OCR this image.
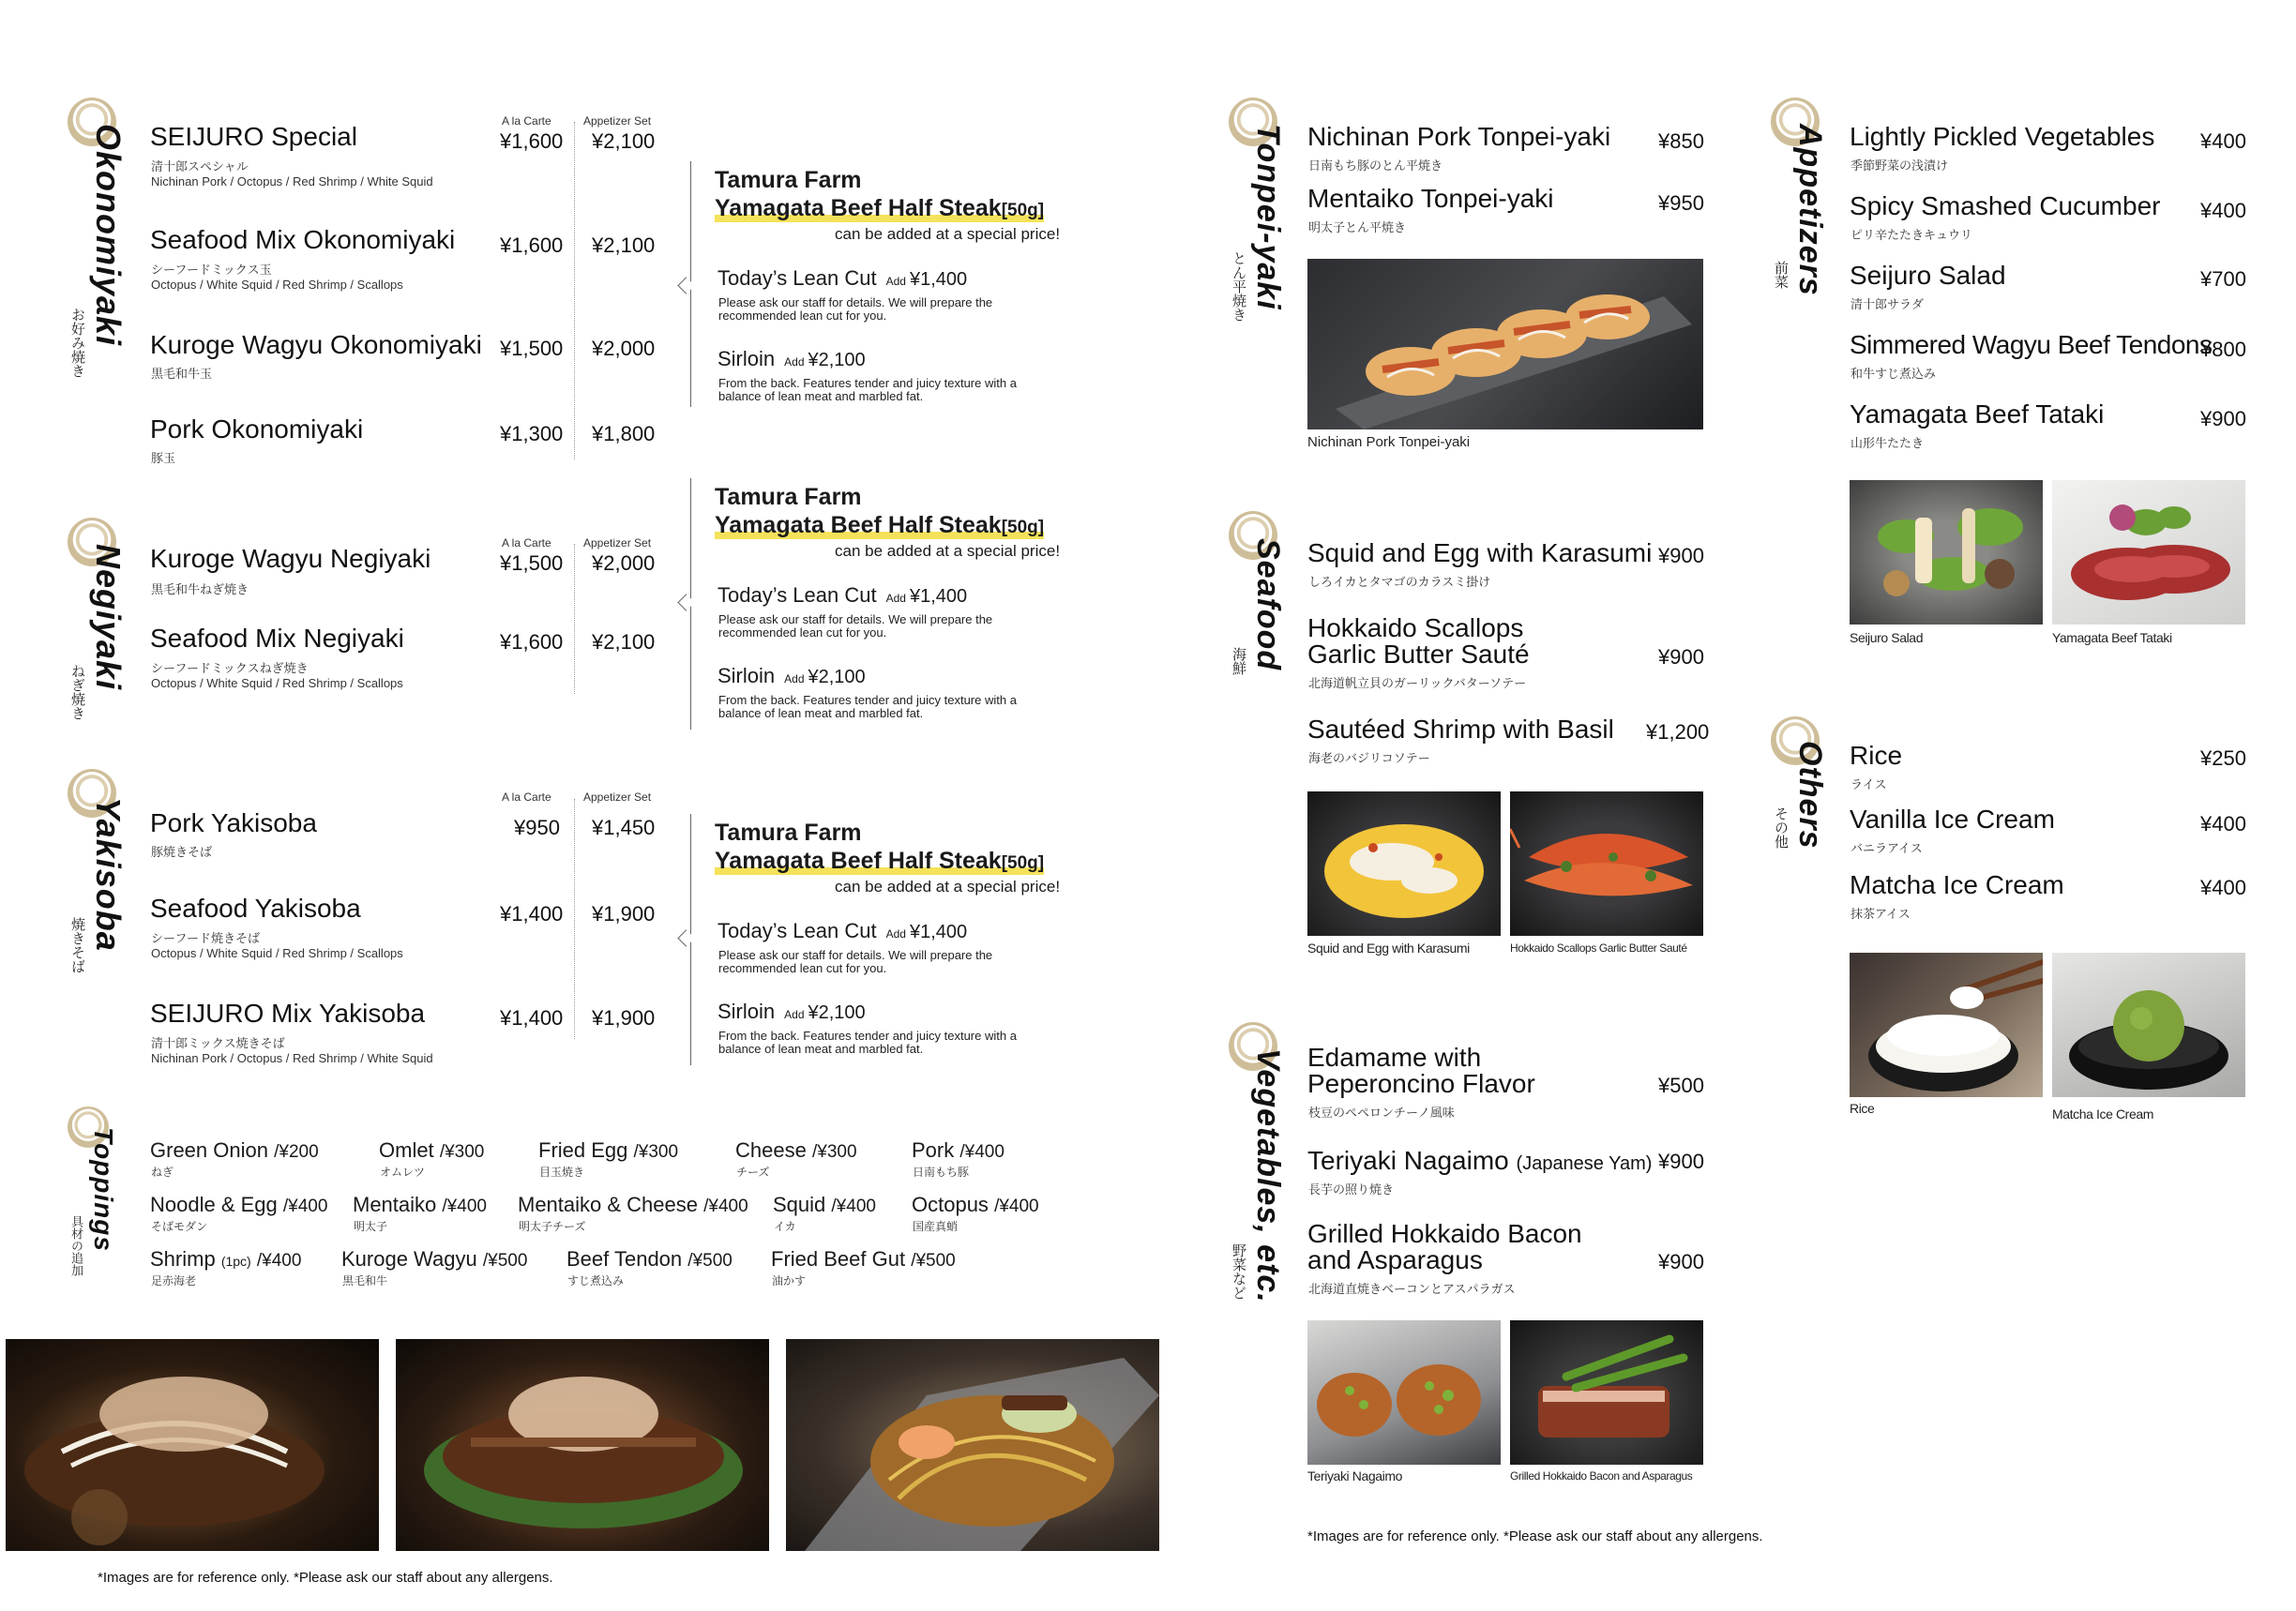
Okonomiyaki
お好み焼き
A la Carte	Appetizer Set
SEIJURO Special
清十郎スペシャル
Nichinan Pork / Octopus / Red Shrimp / White Squid
¥1,600 ¥2,100
Seafood Mix Okonomiyaki
シーフードミックス玉
Octopus / White Squid / Red Shrimp / Scallops
¥1,600 ¥2,100
Kuroge Wagyu Okonomiyaki
黒毛和牛玉
¥1,500 ¥2,000
Pork Okonomiyaki
豚玉
¥1,300 ¥1,800
Tamura Farm
Yamagata Beef Half Steak[50g]
can be added at a special price!
Today’s Lean Cut Add ¥1,400
Please ask our staff for details. We will prepare the recommended lean cut for you.
Sirloin Add ¥2,100
From the back. Features tender and juicy texture with a balance of lean meat and marbled fat.
Negiyaki
ねぎ焼き
A la Carte	Appetizer Set
Kuroge Wagyu Negiyaki
黒毛和牛ねぎ焼き
¥1,500 ¥2,000
Seafood Mix Negiyaki
シーフードミックスねぎ焼き
Octopus / White Squid / Red Shrimp / Scallops
¥1,600 ¥2,100
Tamura Farm
Yamagata Beef Half Steak[50g]
can be added at a special price!
Today’s Lean Cut Add ¥1,400
Please ask our staff for details. We will prepare the recommended lean cut for you.
Sirloin Add ¥2,100
From the back. Features tender and juicy texture with a balance of lean meat and marbled fat.
Yakisoba
焼きそば
A la Carte	Appetizer Set
Pork Yakisoba
豚焼きそば
¥950 ¥1,450
Seafood Yakisoba
シーフード焼きそば
Octopus / White Squid / Red Shrimp / Scallops
¥1,400 ¥1,900
SEIJURO Mix Yakisoba
清十郎ミックス焼きそば
Nichinan Pork / Octopus / Red Shrimp / White Squid
¥1,400 ¥1,900
Tamura Farm
Yamagata Beef Half Steak[50g]
can be added at a special price!
Today’s Lean Cut Add ¥1,400
Please ask our staff for details. We will prepare the recommended lean cut for you.
Sirloin Add ¥2,100
From the back. Features tender and juicy texture with a balance of lean meat and marbled fat.
Toppings
具材の追加
Green Onion /¥200
ねぎ
Omlet /¥300
オムレツ
Fried Egg /¥300
目玉焼き
Cheese /¥300
チーズ
Pork /¥400
日南もち豚
Noodle & Egg /¥400
そばモダン
Mentaiko /¥400
明太子
Mentaiko & Cheese /¥400
明太子チーズ
Squid /¥400
イカ
Octopus /¥400
国産真蛸
Shrimp (1pc) /¥400
足赤海老
Kuroge Wagyu /¥500
黒毛和牛
Beef Tendon /¥500
すじ煮込み
Fried Beef Gut /¥500
油かす
*Images are for reference only. *Please ask our staff about any allergens.
Tonpei-yaki
とん平焼き
Nichinan Pork Tonpei-yaki
日南もち豚のとん平焼き
¥850
Mentaiko Tonpei-yaki
明太子とん平焼き
¥950
Nichinan Pork Tonpei-yaki
Seafood
海鮮
Squid and Egg with Karasumi
しろイカとタマゴのカラスミ掛け
¥900
Hokkaido Scallops
Garlic Butter Sauté
北海道帆立貝のガーリックバターソテー
¥900
Sautéed Shrimp with Basil
海老のバジリコソテー
¥1,200
Squid and Egg with Karasumi	Hokkaido Scallops Garlic Butter Sauté
Vegetables, etc.
野菜など
Edamame with
Peperoncino Flavor
枝豆のペペロンチーノ風味
¥500
Teriyaki Nagaimo (Japanese Yam)
長芋の照り焼き
¥900
Grilled Hokkaido Bacon
and Asparagus
北海道直焼きベーコンとアスパラガス
¥900
Teriyaki Nagaimo	Grilled Hokkaido Bacon and Asparagus
*Images are for reference only. *Please ask our staff about any allergens.
Appetizers
前菜
Lightly Pickled Vegetables
季節野菜の浅漬け
¥400
Spicy Smashed Cucumber
ピリ辛たたきキュウリ
¥400
Seijuro Salad
清十郎サラダ
¥700
Simmered Wagyu Beef Tendons
和牛すじ煮込み
¥800
Yamagata Beef Tataki
山形牛たたき
¥900
Seijuro Salad	Yamagata Beef Tataki
Others
その他
Rice
ライス
¥250
Vanilla Ice Cream
バニラアイス
¥400
Matcha Ice Cream
抹茶アイス
¥400
Rice	Matcha Ice Cream
